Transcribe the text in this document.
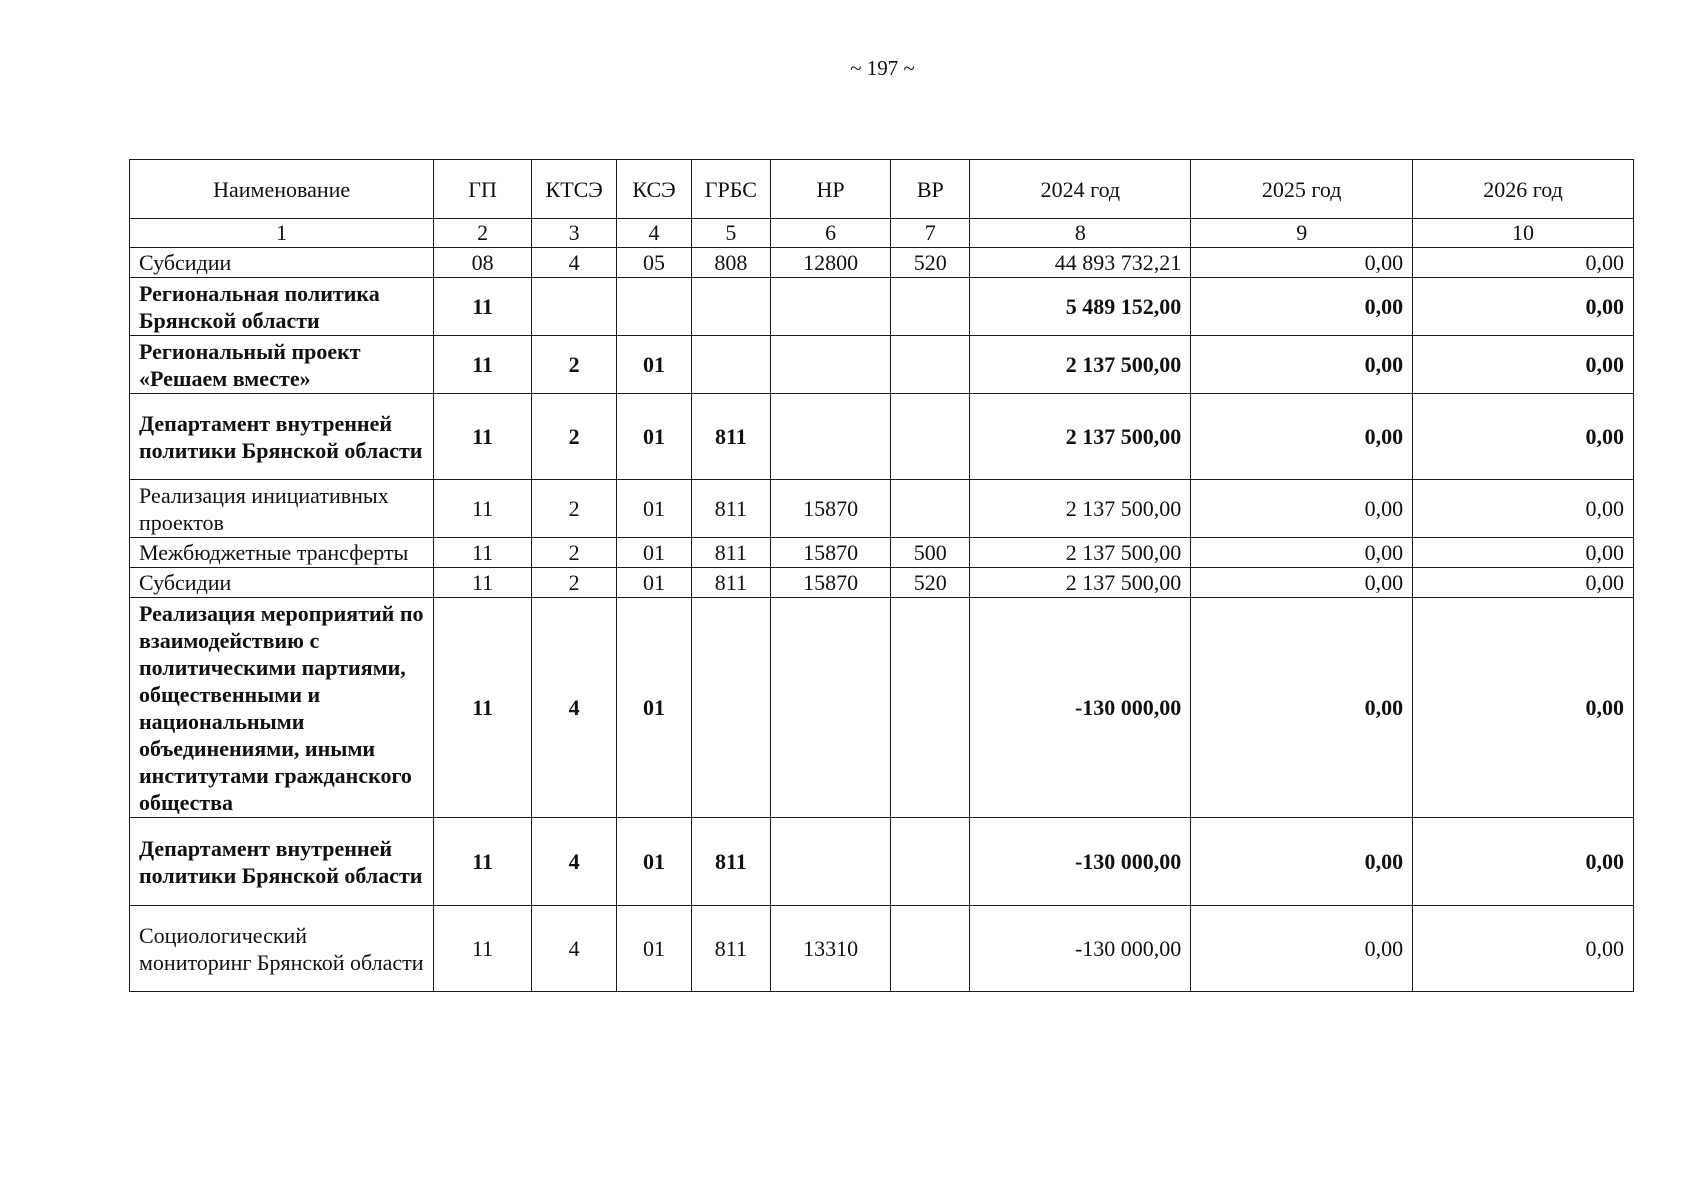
~ 197 ~
Наименование	ГП	КТСЭ	КСЭ	ГРБС	НР	ВР	2024 год	2025 год	2026 год
1	2	3	4	5	6	7	8	9	10
Субсидии	08	4	05	808	12800	520	44 893 732,21	0,00	0,00
Региональная политика Брянской области	11						5 489 152,00	0,00	0,00
Региональный проект «Решаем вместе»	11	2	01				2 137 500,00	0,00	0,00
Департамент внутренней политики Брянской области	11	2	01	811			2 137 500,00	0,00	0,00
Реализация инициативных проектов	11	2	01	811	15870		2 137 500,00	0,00	0,00
Межбюджетные трансферты	11	2	01	811	15870	500	2 137 500,00	0,00	0,00
Субсидии	11	2	01	811	15870	520	2 137 500,00	0,00	0,00
Реализация мероприятий по взаимодействию с политическими партиями, общественными и национальными объединениями, иными институтами гражданского общества	11	4	01				-130 000,00	0,00	0,00
Департамент внутренней политики Брянской области	11	4	01	811			-130 000,00	0,00	0,00
Социологический мониторинг Брянской области	11	4	01	811	13310		-130 000,00	0,00	0,00
